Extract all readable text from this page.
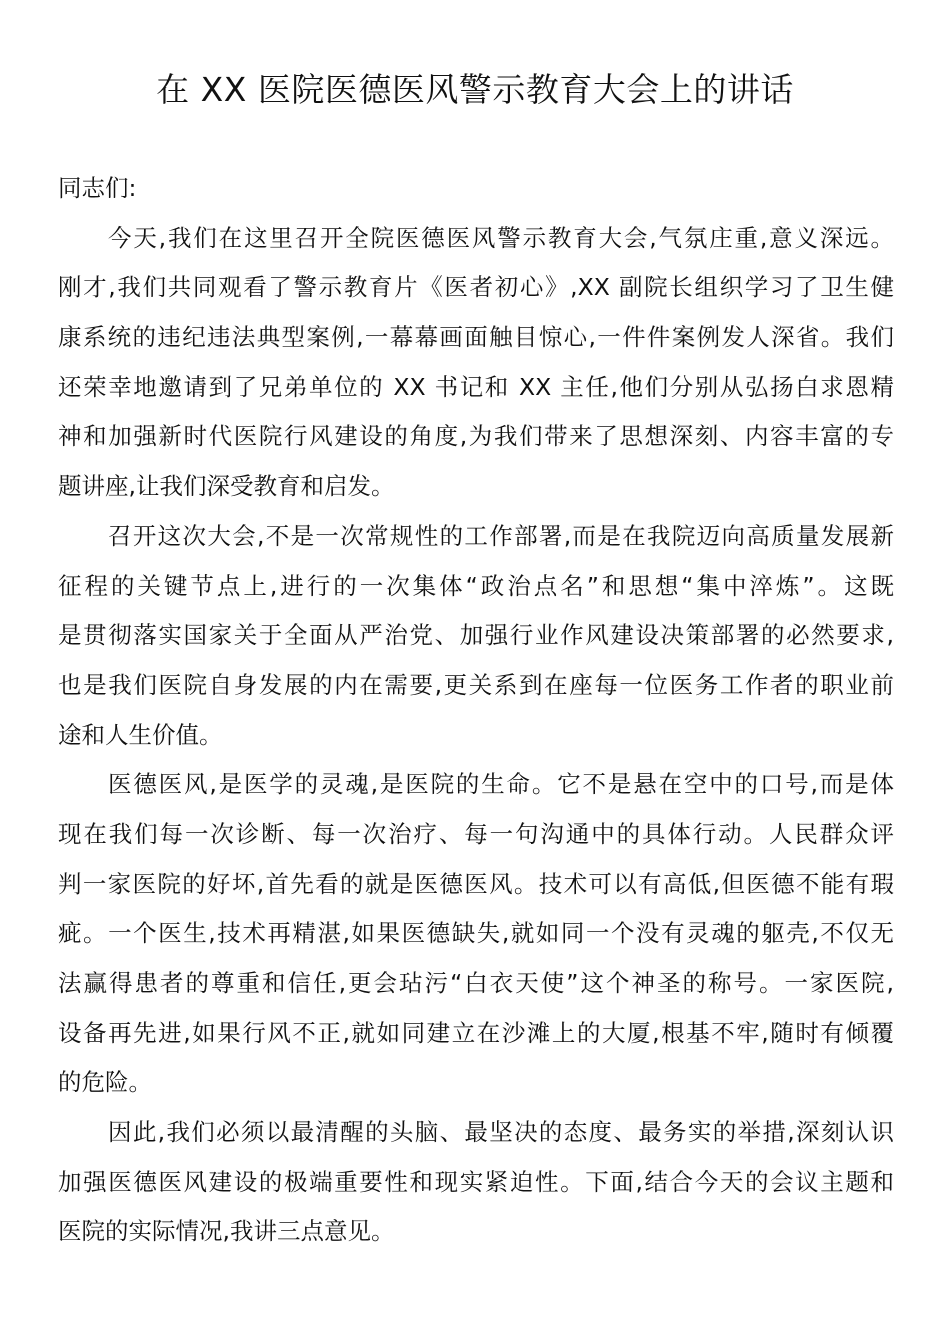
在 XX 医院医德医风警示教育大会上的讲话
同志们:
今天,我们在这里召开全院医德医风警示教育大会,气氛庄重,意义深远。
刚才,我们共同观看了警示教育片《医者初心》,XX 副院长组织学习了卫生健
康系统的违纪违法典型案例,一幕幕画面触目惊心,一件件案例发人深省。我们
还荣幸地邀请到了兄弟单位的 XX 书记和 XX 主任,他们分别从弘扬白求恩精
神和加强新时代医院行风建设的角度,为我们带来了思想深刻、内容丰富的专
题讲座,让我们深受教育和启发。
召开这次大会,不是一次常规性的工作部署,而是在我院迈向高质量发展新
征程的关键节点上,进行的一次集体“政治点名”和思想“集中淬炼”。这既
是贯彻落实国家关于全面从严治党、加强行业作风建设决策部署的必然要求,
也是我们医院自身发展的内在需要,更关系到在座每一位医务工作者的职业前
途和人生价值。
医德医风,是医学的灵魂,是医院的生命。它不是悬在空中的口号,而是体
现在我们每一次诊断、每一次治疗、每一句沟通中的具体行动。人民群众评
判一家医院的好坏,首先看的就是医德医风。技术可以有高低,但医德不能有瑕
疵。一个医生,技术再精湛,如果医德缺失,就如同一个没有灵魂的躯壳,不仅无
法赢得患者的尊重和信任,更会玷污“白衣天使”这个神圣的称号。一家医院,
设备再先进,如果行风不正,就如同建立在沙滩上的大厦,根基不牢,随时有倾覆
的危险。
因此,我们必须以最清醒的头脑、最坚决的态度、最务实的举措,深刻认识
加强医德医风建设的极端重要性和现实紧迫性。下面,结合今天的会议主题和
医院的实际情况,我讲三点意见。
